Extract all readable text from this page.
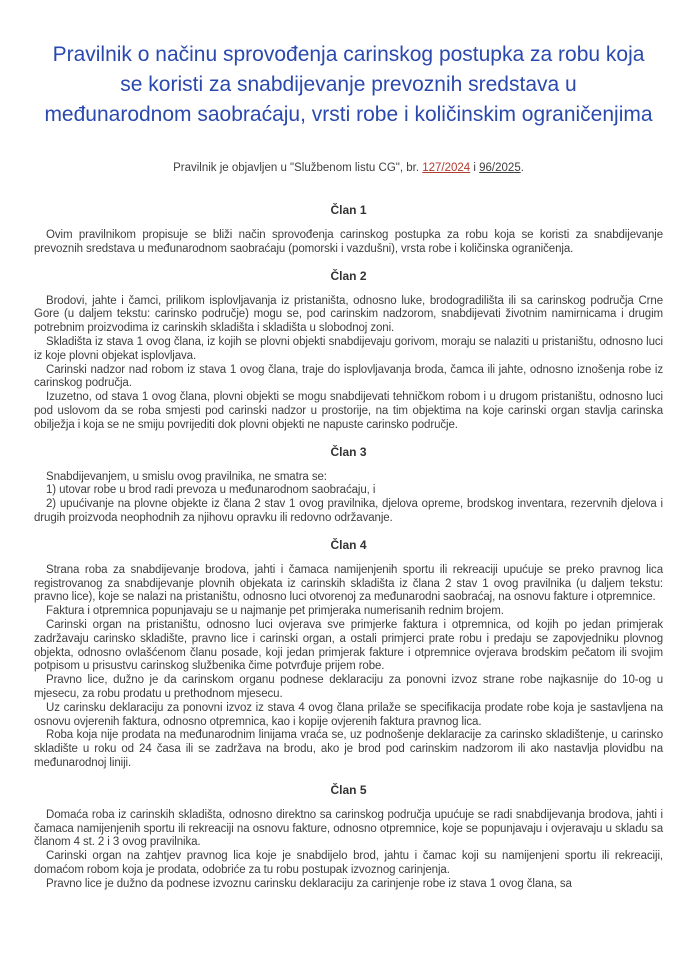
Pravilnik o načinu sprovođenja carinskog postupka za robu koja se koristi za snabdijevanje prevoznih sredstava u međunarodnom saobraćaju, vrsti robe i količinskim ograničenjima
Pravilnik je objavljen u "Službenom listu CG", br. 127/2024 i 96/2025.
Član 1

Ovim pravilnikom propisuje se bliži način sprovođenja carinskog postupka za robu koja se koristi za snabdijevanje prevoznih sredstava u međunarodnom saobraćaju (pomorski i vazdušni), vrsta robe i količinska ograničenja.

Član 2

Brodovi, jahte i čamci, prilikom isplovljavanja iz pristaništa, odnosno luke, brodogradilišta ili sa carinskog područja Crne Gore (u daljem tekstu: carinsko područje) mogu se, pod carinskim nadzorom, snabdijevati životnim namirnicama i drugim potrebnim proizvodima iz carinskih skladišta i skladišta u slobodnoj zoni.

Skladišta iz stava 1 ovog člana, iz kojih se plovni objekti snabdijevaju gorivom, moraju se nalaziti u pristaništu, odnosno luci iz koje plovni objekat isplovljava.

Carinski nadzor nad robom iz stava 1 ovog člana, traje do isplovljavanja broda, čamca ili jahte, odnosno iznošenja robe iz carinskog područja.

Izuzetno, od stava 1 ovog člana, plovni objekti se mogu snabdijevati tehničkom robom i u drugom pristaništu, odnosno luci pod uslovom da se roba smjesti pod carinski nadzor u prostorije, na tim objektima na koje carinski organ stavlja carinska obilježja i koja se ne smiju povrijediti dok plovni objekti ne napuste carinsko područje.

Član 3

Snabdijevanjem, u smislu ovog pravilnika, ne smatra se:

1) utovar robe u brod radi prevoza u međunarodnom saobraćaju, i

2) upućivanje na plovne objekte iz člana 2 stav 1 ovog pravilnika, djelova opreme, brodskog inventara, rezervnih djelova i drugih proizvoda neophodnih za njihovu opravku ili redovno održavanje.

Član 4

Strana roba za snabdijevanje brodova, jahti i čamaca namijenjenih sportu ili rekreaciji upućuje se preko pravnog lica registrovanog za snabdijevanje plovnih objekata iz carinskih skladišta iz člana 2 stav 1 ovog pravilnika (u daljem tekstu: pravno lice), koje se nalazi na pristaništu, odnosno luci otvorenoj za međunarodni saobraćaj, na osnovu fakture i otpremnice.

Faktura i otpremnica popunjavaju se u najmanje pet primjeraka numerisanih rednim brojem.

Carinski organ na pristaništu, odnosno luci ovjerava sve primjerke faktura i otpremnica, od kojih po jedan primjerak zadržavaju carinsko skladište, pravno lice i carinski organ, a ostali primjerci prate robu i predaju se zapovjedniku plovnog objekta, odnosno ovlašćenom članu posade, koji jedan primjerak fakture i otpremnice ovjerava brodskim pečatom ili svojim potpisom u prisustvu carinskog službenika čime potvrđuje prijem robe.

Pravno lice, dužno je da carinskom organu podnese deklaraciju za ponovni izvoz strane robe najkasnije do 10-og u mjesecu, za robu prodatu u prethodnom mjesecu.

Uz carinsku deklaraciju za ponovni izvoz iz stava 4 ovog člana prilaže se specifikacija prodate robe koja je sastavljena na osnovu ovjerenih faktura, odnosno otpremnica, kao i kopije ovjerenih faktura pravnog lica.

Roba koja nije prodata na međunarodnim linijama vraća se, uz podnošenje deklaracije za carinsko skladištenje, u carinsko skladište u roku od 24 časa ili se zadržava na brodu, ako je brod pod carinskim nadzorom ili ako nastavlja plovidbu na međunarodnoj liniji.

Član 5

Domaća roba iz carinskih skladišta, odnosno direktno sa carinskog područja upućuje se radi snabdijevanja brodova, jahti i čamaca namijenjenih sportu ili rekreaciji na osnovu fakture, odnosno otpremnice, koje se popunjavaju i ovjeravaju u skladu sa članom 4 st. 2 i 3 ovog pravilnika.

Carinski organ na zahtjev pravnog lica koje je snabdijelo brod, jahtu i čamac koji su namijenjeni sportu ili rekreaciji, domaćom robom koja je prodata, odobriće za tu robu postupak izvoznog carinjenja.

Pravno lice je dužno da podnese izvoznu carinsku deklaraciju za carinjenje robe iz stava 1 ovog člana, sa
